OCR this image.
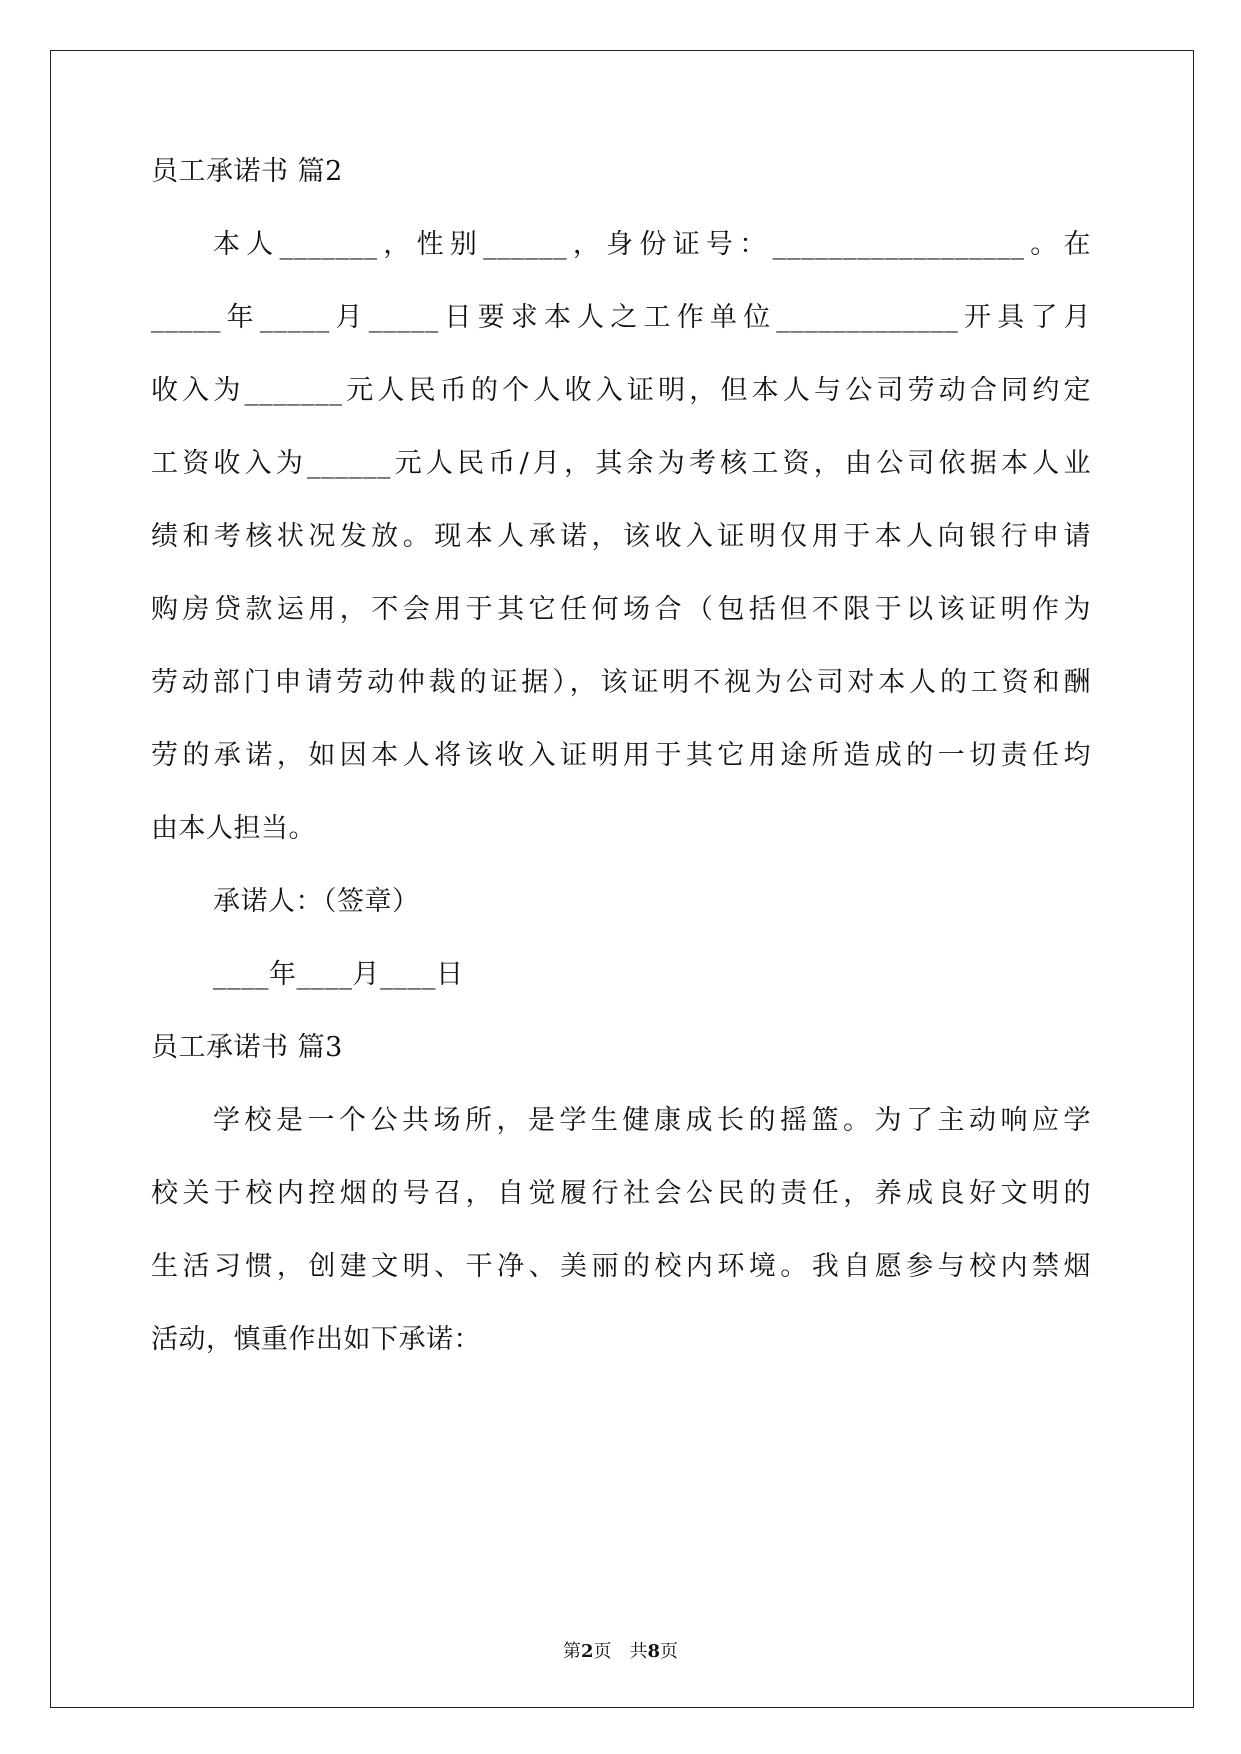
员工承诺书 篇2
本人_______，性别______，身份证号：__________________。在
_____年_____月_____日要求本人之工作单位_____________开具了月
收入为_______元人民币的个人收入证明，但本人与公司劳动合同约定
工资收入为______元人民币/月，其余为考核工资，由公司依据本人业
绩和考核状况发放。现本人承诺，该收入证明仅用于本人向银行申请
购房贷款运用，不会用于其它任何场合（包括但不限于以该证明作为
劳动部门申请劳动仲裁的证据），该证明不视为公司对本人的工资和酬
劳的承诺，如因本人将该收入证明用于其它用途所造成的一切责任均
由本人担当。
承诺人：（签章）
____年____月____日
员工承诺书 篇3
学校是一个公共场所，是学生健康成长的摇篮。为了主动响应学
校关于校内控烟的号召，自觉履行社会公民的责任，养成良好文明的
生活习惯，创建文明、干净、美丽的校内环境。我自愿参与校内禁烟
活动，慎重作出如下承诺：
第2页　共8页
